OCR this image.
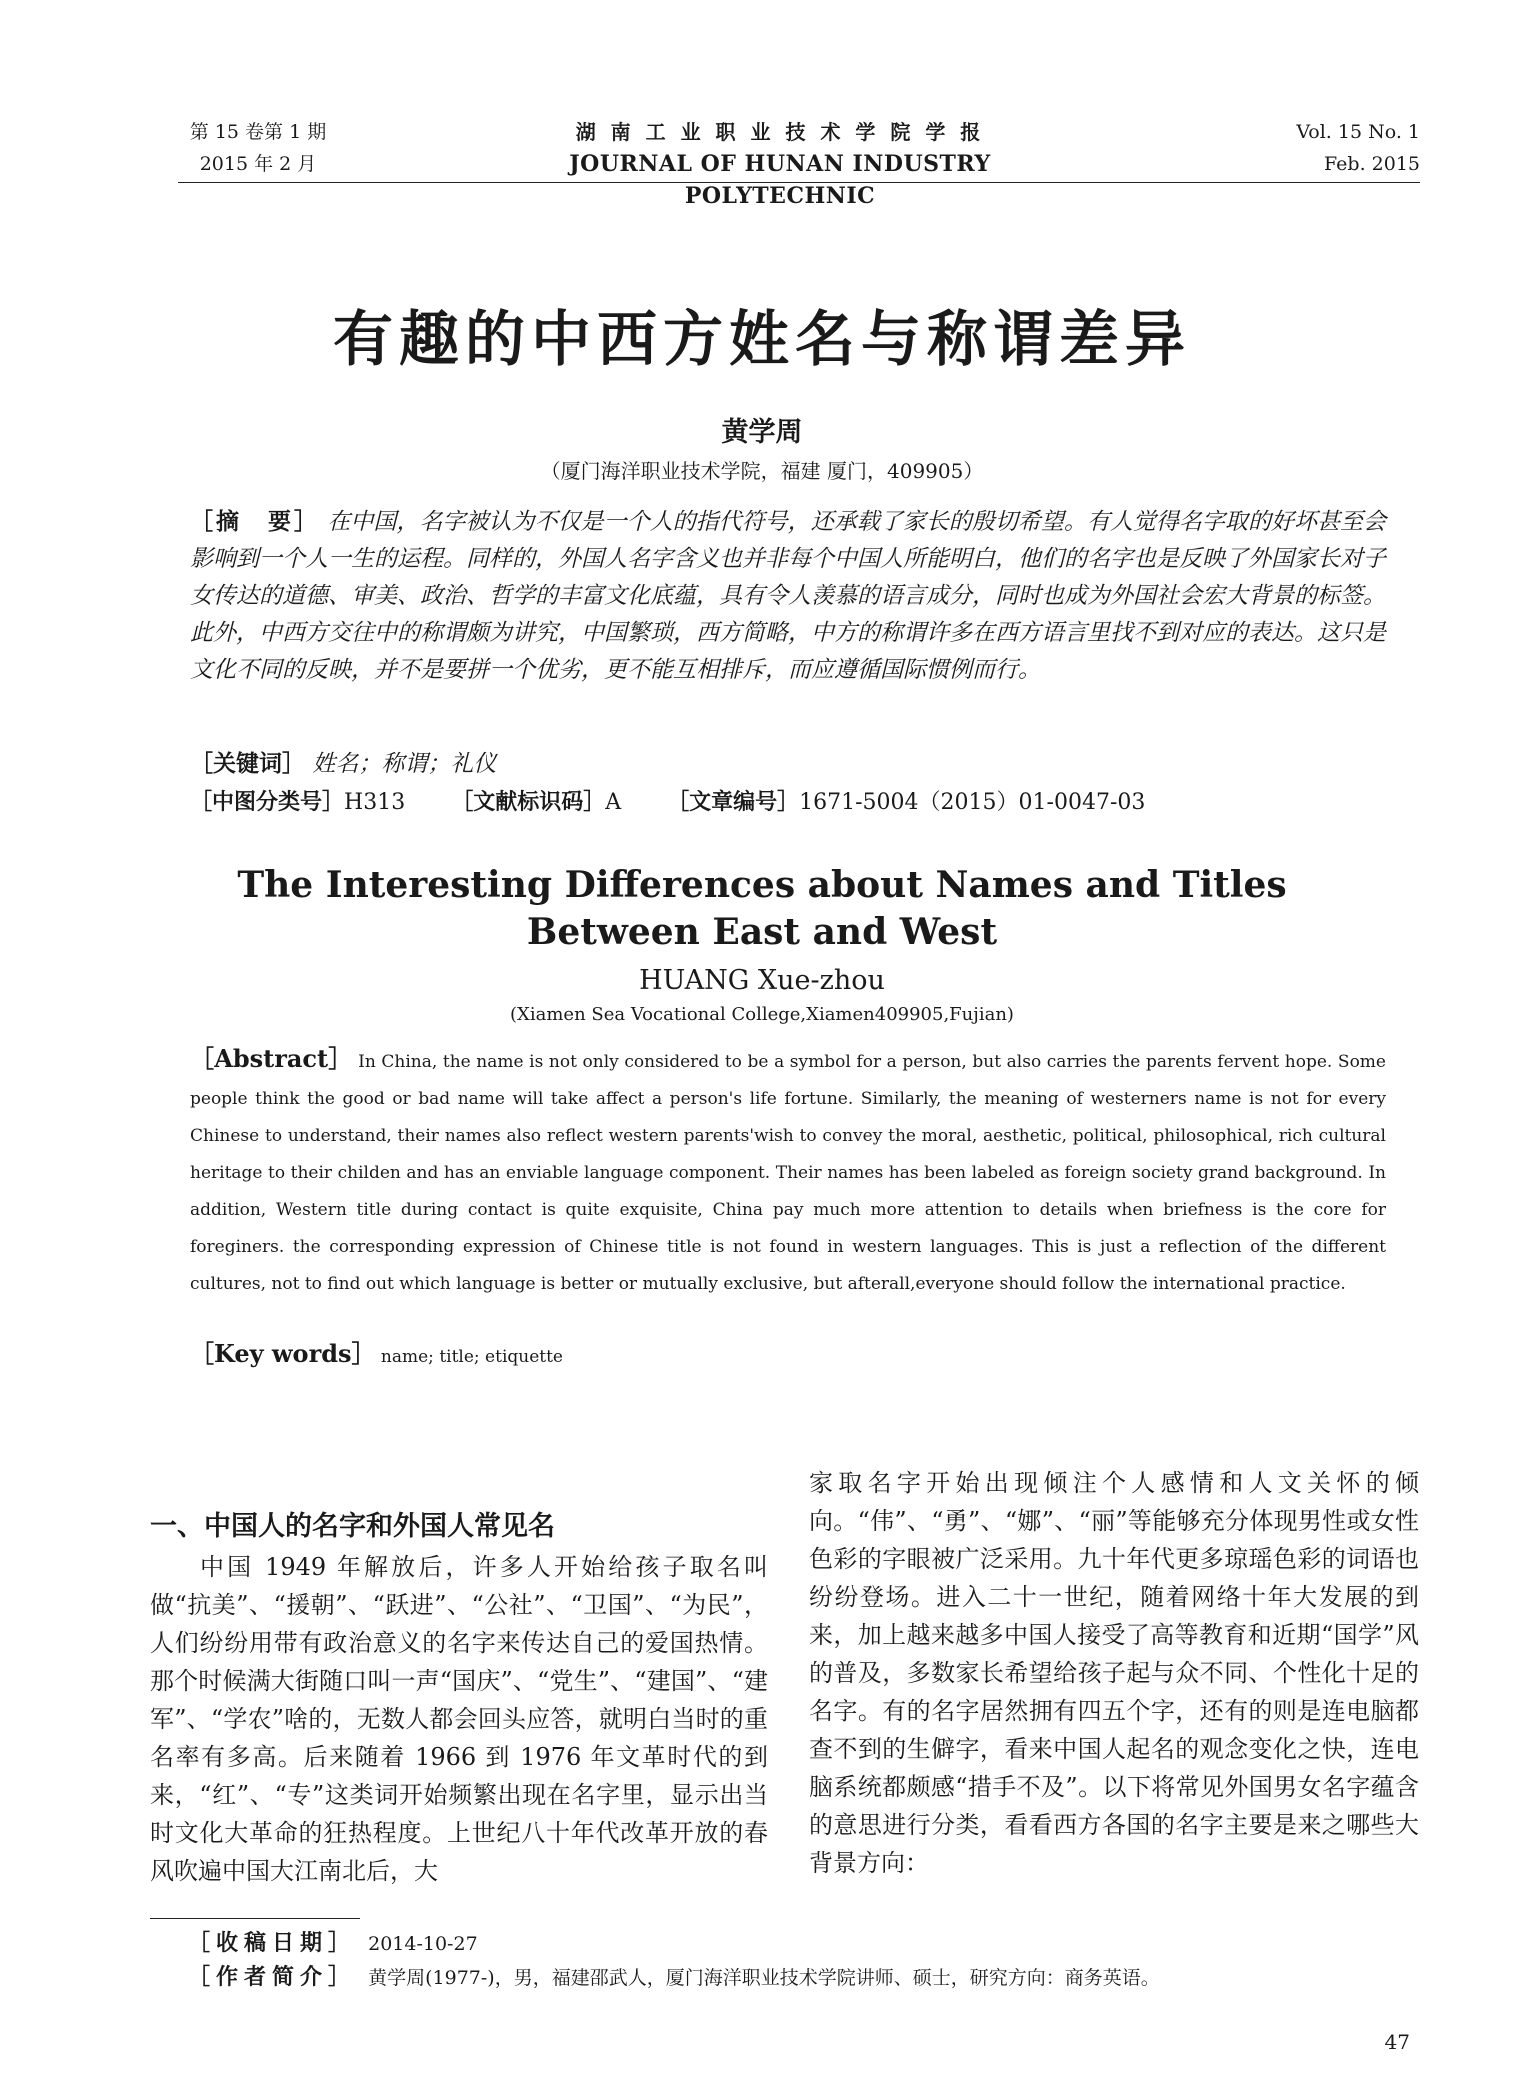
第 15 卷第 1 期
2015 年 2 月
湖 南 工 业 职 业 技 术 学 院 学 报
JOURNAL OF HUNAN INDUSTRY POLYTECHNIC
Vol. 15 No. 1
Feb. 2015
有趣的中西方姓名与称谓差异
黄学周
（厦门海洋职业技术学院，福建 厦门，409905）
［摘　要］ 在中国，名字被认为不仅是一个人的指代符号，还承载了家长的殷切希望。有人觉得名字取的好坏甚至会影响到一个人一生的运程。同样的，外国人名字含义也并非每个中国人所能明白，他们的名字也是反映了外国家长对子女传达的道德、审美、政治、哲学的丰富文化底蕴，具有令人羡慕的语言成分，同时也成为外国社会宏大背景的标签。此外，中西方交往中的称谓颇为讲究，中国繁琐，西方简略，中方的称谓许多在西方语言里找不到对应的表达。这只是文化不同的反映，并不是要拼一个优劣，更不能互相排斥，而应遵循国际惯例而行。
［关键词］ 姓名；称谓；礼仪
［中图分类号］H313 ［文献标识码］A ［文章编号］1671-5004（2015）01-0047-03
The Interesting Differences about Names and Titles
Between East and West
HUANG Xue-zhou
(Xiamen Sea Vocational College,Xiamen409905,Fujian)
［Abstract］ In China, the name is not only considered to be a symbol for a person, but also carries the parents fervent hope. Some people think the good or bad name will take affect a person's life fortune. Similarly, the meaning of westerners name is not for every Chinese to understand, their names also reflect western parents'wish to convey the moral, aesthetic, political, philosophical, rich cultural heritage to their childen and has an enviable language component. Their names has been labeled as foreign society grand background. In addition, Western title during contact is quite exquisite, China pay much more attention to details when briefness is the core for foreginers. the corresponding expression of Chinese title is not found in western languages. This is just a reflection of the different cultures, not to find out which language is better or mutually exclusive, but afterall,everyone should follow the international practice.
［Key words］ name; title; etiquette
一、中国人的名字和外国人常见名
中国 1949 年解放后，许多人开始给孩子取名叫做“抗美”、“援朝”、“跃进”、“公社”、“卫国”、“为民”，人们纷纷用带有政治意义的名字来传达自己的爱国热情。那个时候满大街随口叫一声“国庆”、“党生”、“建国”、“建军”、“学农”啥的，无数人都会回头应答，就明白当时的重名率有多高。后来随着 1966 到 1976 年文革时代的到来，“红”、“专”这类词开始频繁出现在名字里，显示出当时文化大革命的狂热程度。上世纪八十年代改革开放的春风吹遍中国大江南北后，大
家取名字开始出现倾注个人感情和人文关怀的倾向。“伟”、“勇”、“娜”、“丽”等能够充分体现男性或女性色彩的字眼被广泛采用。九十年代更多琼瑶色彩的词语也纷纷登场。进入二十一世纪，随着网络十年大发展的到来，加上越来越多中国人接受了高等教育和近期“国学”风的普及，多数家长希望给孩子起与众不同、个性化十足的名字。有的名字居然拥有四五个字，还有的则是连电脑都查不到的生僻字，看来中国人起名的观念变化之快，连电脑系统都颇感“措手不及”。以下将常见外国男女名字蕴含的意思进行分类，看看西方各国的名字主要是来之哪些大背景方向：
［收稿日期］ 2014-10-27
［作者简介］ 黄学周(1977-)，男，福建邵武人，厦门海洋职业技术学院讲师、硕士，研究方向：商务英语。
47
